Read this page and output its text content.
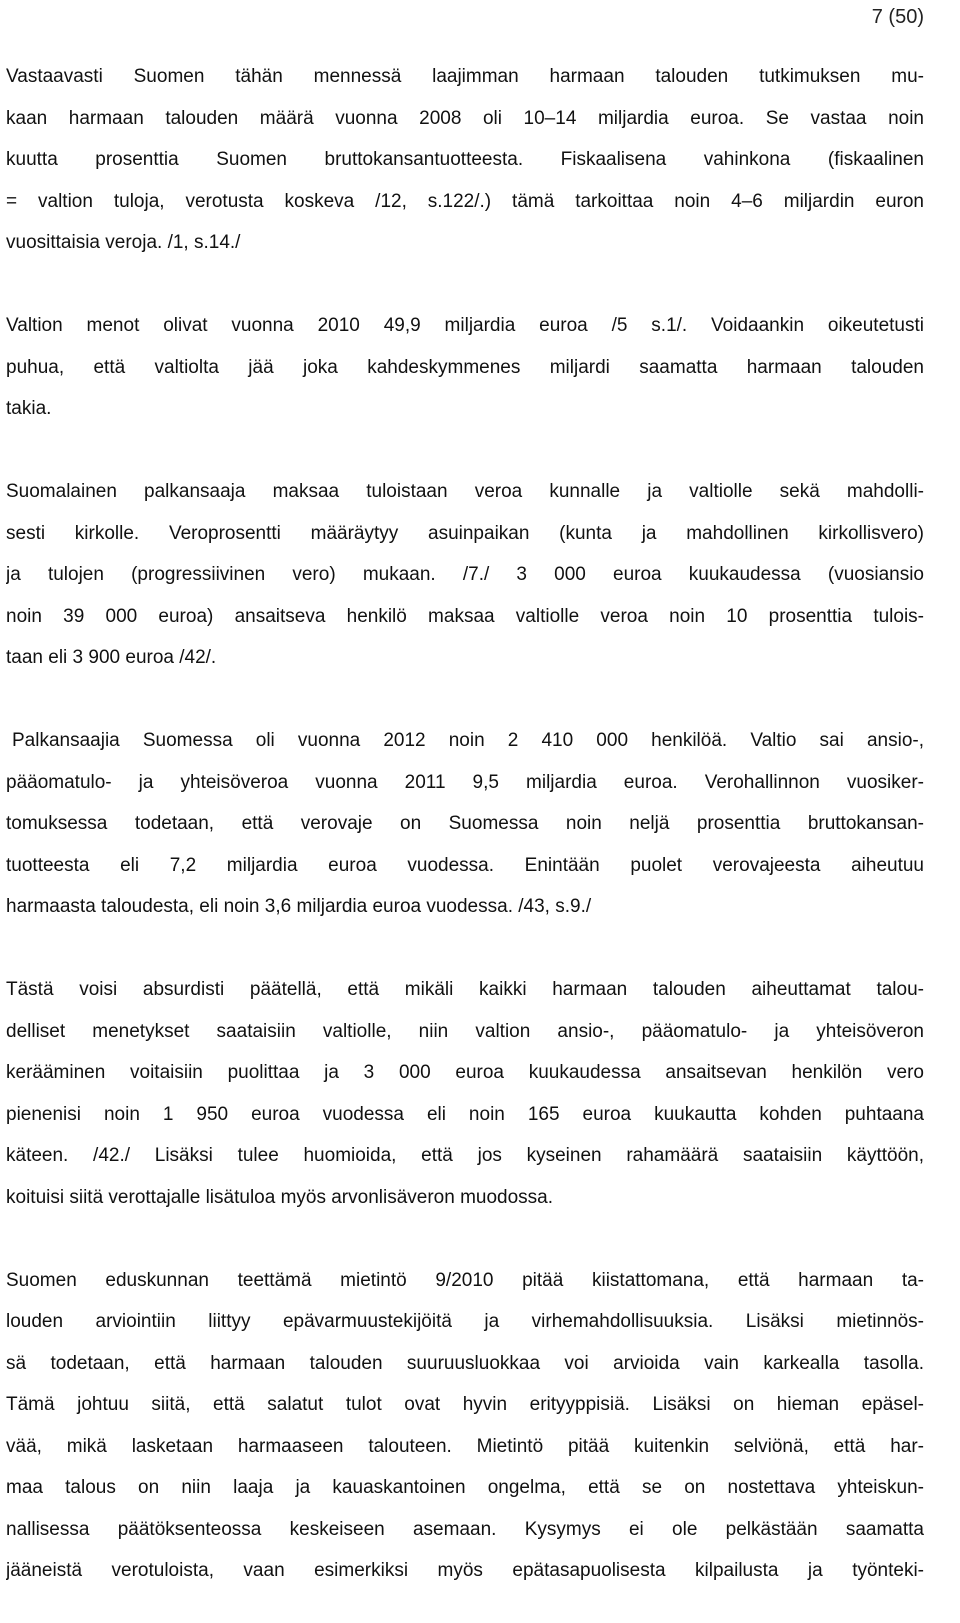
7 (50)
Vastaavasti Suomen tähän mennessä laajimman harmaan talouden tutkimuksen mu-
kaan harmaan talouden määrä vuonna 2008 oli 10–14 miljardia euroa. Se vastaa noin
kuutta prosenttia Suomen bruttokansantuotteesta. Fiskaalisena vahinkona (fiskaalinen
= valtion tuloja, verotusta koskeva /12, s.122/.) tämä tarkoittaa noin 4–6 miljardin euron
vuosittaisia veroja. /1, s.14./
Valtion menot olivat vuonna 2010 49,9 miljardia euroa /5 s.1/. Voidaankin oikeutetusti
puhua, että valtiolta jää joka kahdeskymmenes miljardi saamatta harmaan talouden
takia.
Suomalainen palkansaaja maksaa tuloistaan veroa kunnalle ja valtiolle sekä mahdolli-
sesti kirkolle. Veroprosentti määräytyy asuinpaikan (kunta ja mahdollinen kirkollisvero)
ja tulojen (progressiivinen vero) mukaan. /7./ 3 000 euroa kuukaudessa (vuosiansio
noin 39 000 euroa) ansaitseva henkilö maksaa valtiolle veroa noin 10 prosenttia tulois-
taan eli 3 900 euroa /42/.
Palkansaajia Suomessa oli vuonna 2012 noin 2 410 000 henkilöä. Valtio sai ansio-,
pääomatulo- ja yhteisöveroa vuonna 2011 9,5 miljardia euroa. Verohallinnon vuosiker-
tomuksessa todetaan, että verovaje on Suomessa noin neljä prosenttia bruttokansan-
tuotteesta eli 7,2 miljardia euroa vuodessa. Enintään puolet verovajeesta aiheutuu
harmaasta taloudesta, eli noin 3,6 miljardia euroa vuodessa. /43, s.9./
Tästä voisi absurdisti päätellä, että mikäli kaikki harmaan talouden aiheuttamat talou-
delliset menetykset saataisiin valtiolle, niin valtion ansio-, pääomatulo- ja yhteisöveron
kerääminen voitaisiin puolittaa ja 3 000 euroa kuukaudessa ansaitsevan henkilön vero
pienenisi noin 1 950 euroa vuodessa eli noin 165 euroa kuukautta kohden puhtaana
käteen. /42./ Lisäksi tulee huomioida, että jos kyseinen rahamäärä saataisiin käyttöön,
koituisi siitä verottajalle lisätuloa myös arvonlisäveron muodossa.
Suomen eduskunnan teettämä mietintö 9/2010 pitää kiistattomana, että harmaan ta-
louden arviointiin liittyy epävarmuustekijöitä ja virhemahdollisuuksia. Lisäksi mietinnös-
sä todetaan, että harmaan talouden suuruusluokkaa voi arvioida vain karkealla tasolla.
Tämä johtuu siitä, että salatut tulot ovat hyvin erityyppisiä. Lisäksi on hieman epäsel-
vää, mikä lasketaan harmaaseen talouteen. Mietintö pitää kuitenkin selviönä, että har-
maa talous on niin laaja ja kauaskantoinen ongelma, että se on nostettava yhteiskun-
nallisessa päätöksenteossa keskeiseen asemaan. Kysymys ei ole pelkästään saamatta
jääneistä verotuloista, vaan esimerkiksi myös epätasapuolisesta kilpailusta ja työnteki-
